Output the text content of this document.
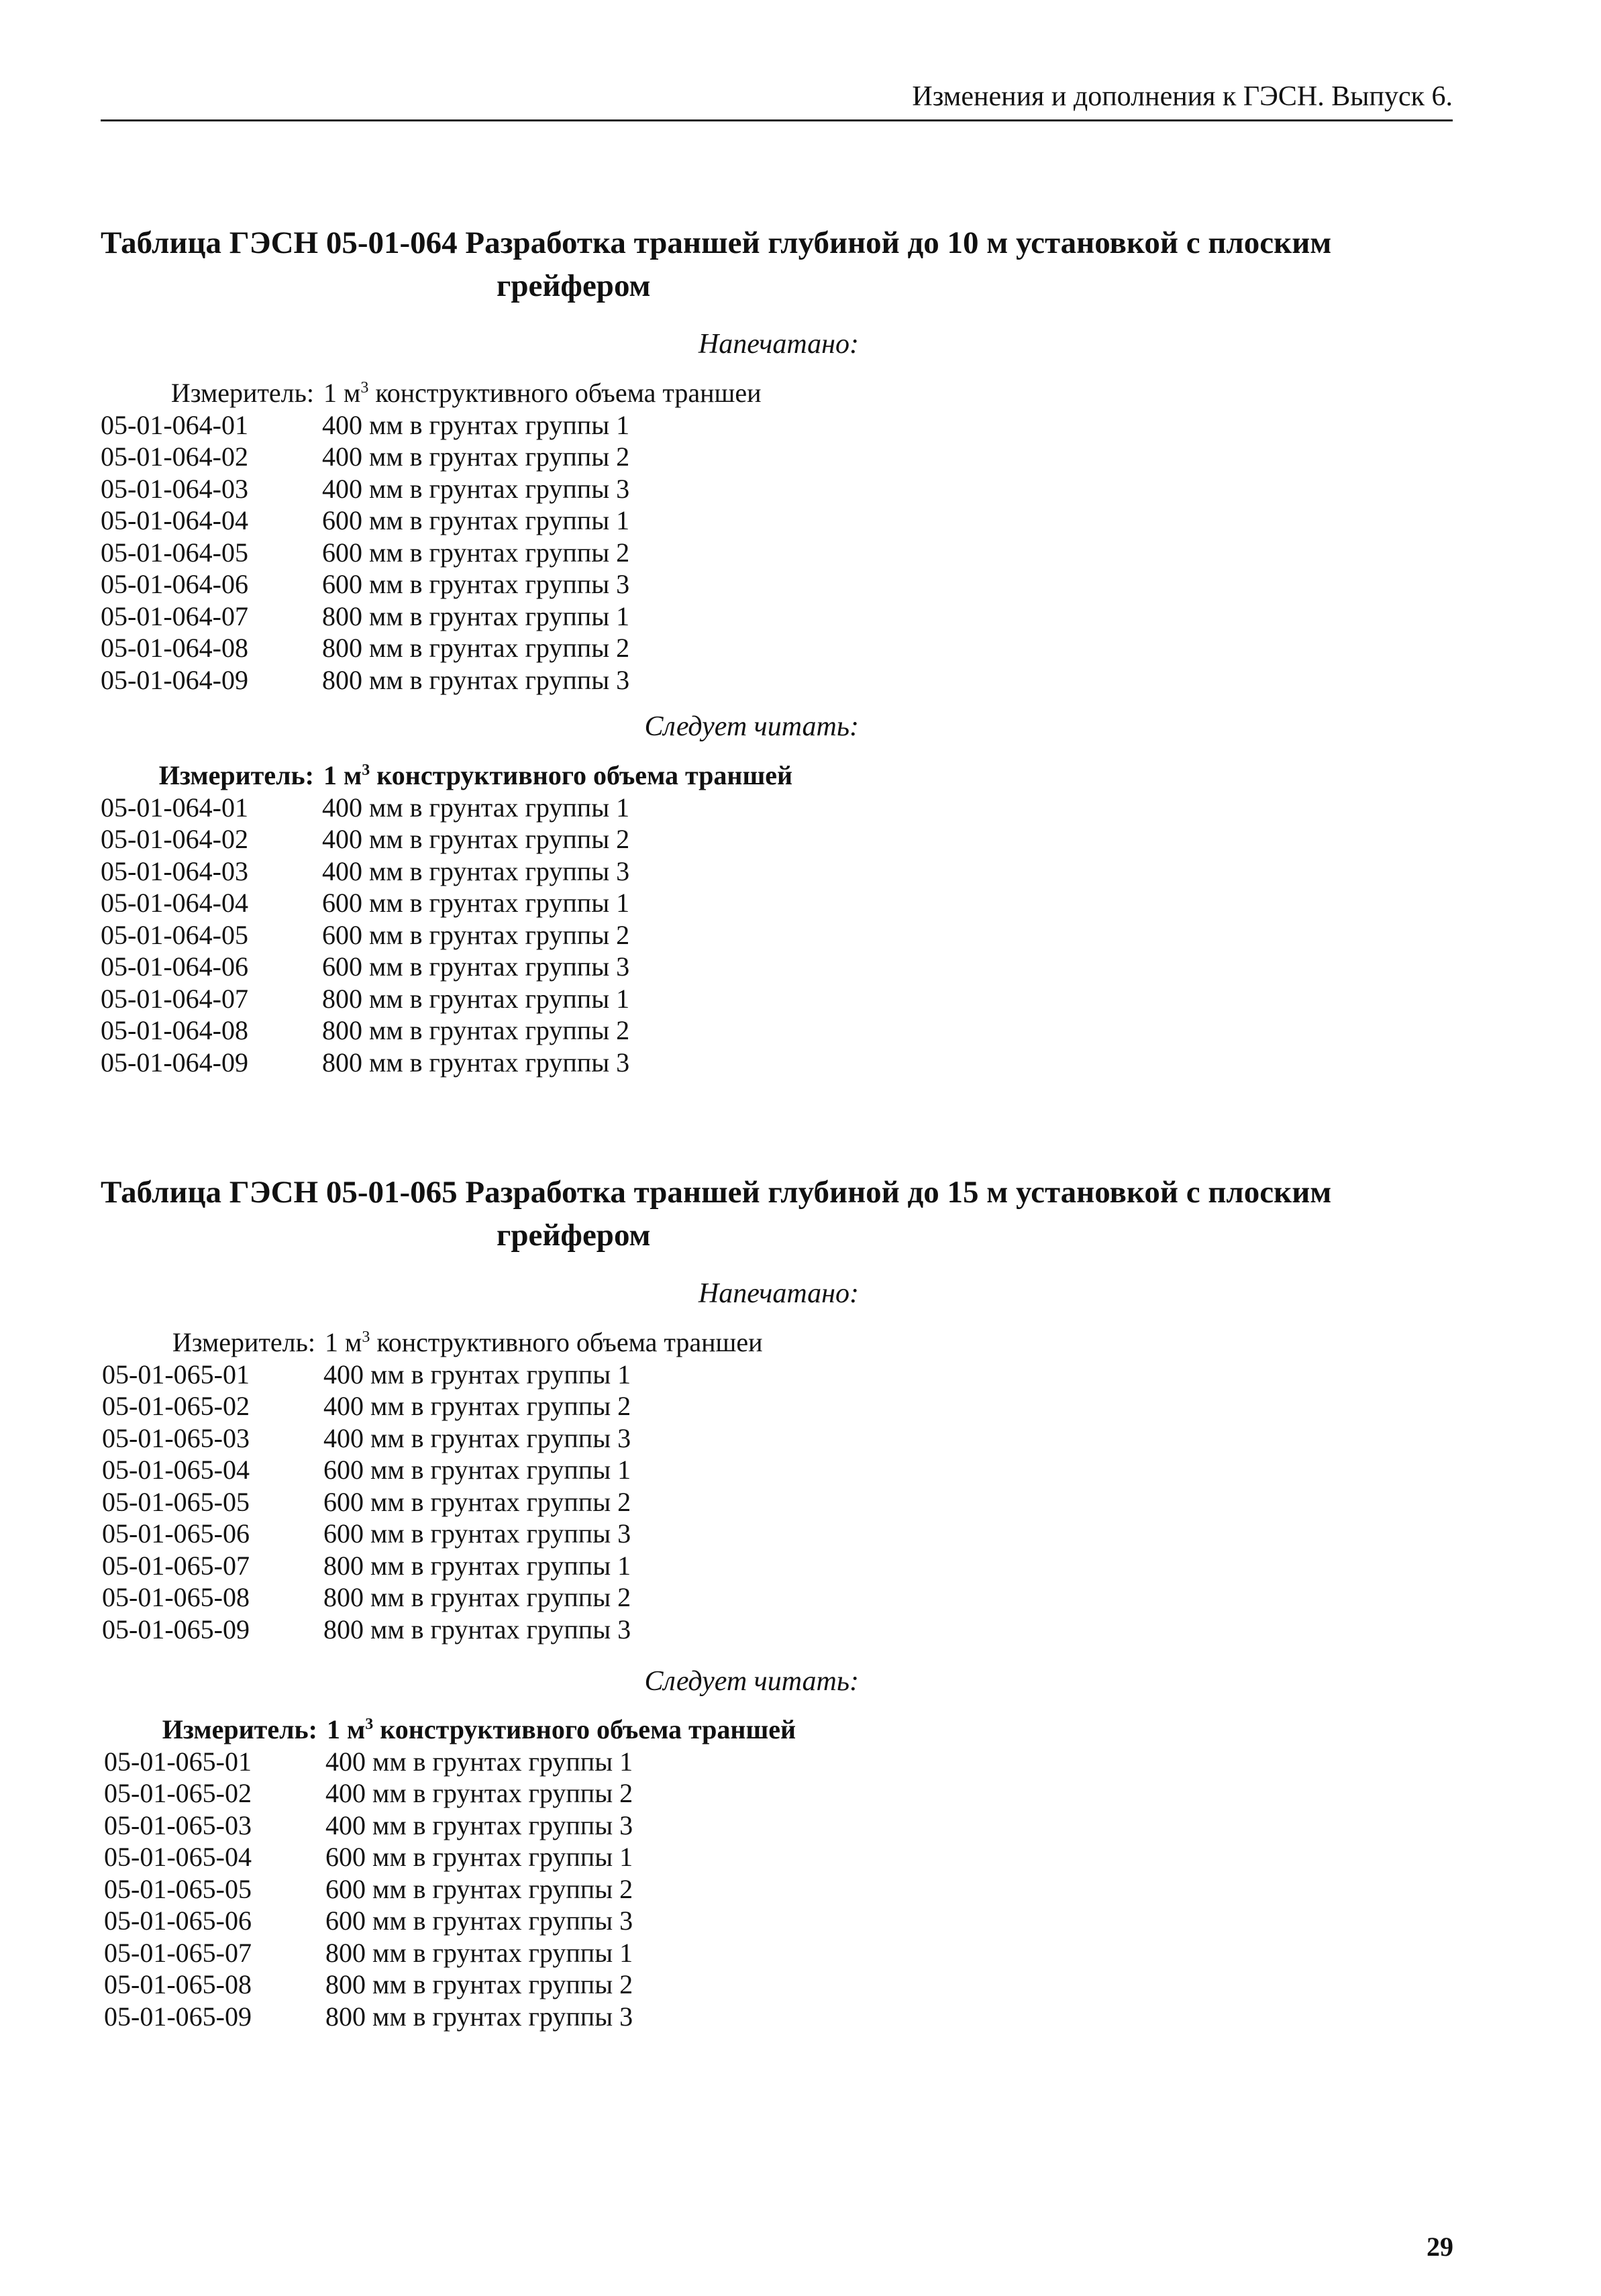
Изменения и дополнения к ГЭСН. Выпуск 6.
Таблица ГЭСН 05-01-064 Разработка траншей глубиной до 10 м установкой с плоским
грейфером
Напечатано:
Измеритель: 1 $м^3$ конструктивного объема траншеи
05-01-064-01	400 мм в грунтах группы 1
05-01-064-02	400 мм в грунтах группы 2
05-01-064-03	400 мм в грунтах группы 3
05-01-064-04	600 мм в грунтах группы 1
05-01-064-05	600 мм в грунтах группы 2
05-01-064-06	600 мм в грунтах группы 3
05-01-064-07	800 мм в грунтах группы 1
05-01-064-08	800 мм в грунтах группы 2
05-01-064-09	800 мм в грунтах группы 3
Следует читать:
Измеритель: 1 $м^3$ конструктивного объема траншей
05-01-064-01	400 мм в грунтах группы 1
05-01-064-02	400 мм в грунтах группы 2
05-01-064-03	400 мм в грунтах группы 3
05-01-064-04	600 мм в грунтах группы 1
05-01-064-05	600 мм в грунтах группы 2
05-01-064-06	600 мм в грунтах группы 3
05-01-064-07	800 мм в грунтах группы 1
05-01-064-08	800 мм в грунтах группы 2
05-01-064-09	800 мм в грунтах группы 3
Таблица ГЭСН 05-01-065 Разработка траншей глубиной до 15 м установкой с плоским
грейфером
Напечатано:
Измеритель: 1 $м^3$ конструктивного объема траншеи
05-01-065-01	400 мм в грунтах группы 1
05-01-065-02	400 мм в грунтах группы 2
05-01-065-03	400 мм в грунтах группы 3
05-01-065-04	600 мм в грунтах группы 1
05-01-065-05	600 мм в грунтах группы 2
05-01-065-06	600 мм в грунтах группы 3
05-01-065-07	800 мм в грунтах группы 1
05-01-065-08	800 мм в грунтах группы 2
05-01-065-09	800 мм в грунтах группы 3
Следует читать:
Измеритель: 1 $м^3$ конструктивного объема траншей
05-01-065-01	400 мм в грунтах группы 1
05-01-065-02	400 мм в грунтах группы 2
05-01-065-03	400 мм в грунтах группы 3
05-01-065-04	600 мм в грунтах группы 1
05-01-065-05	600 мм в грунтах группы 2
05-01-065-06	600 мм в грунтах группы 3
05-01-065-07	800 мм в грунтах группы 1
05-01-065-08	800 мм в грунтах группы 2
05-01-065-09	800 мм в грунтах группы 3
29
